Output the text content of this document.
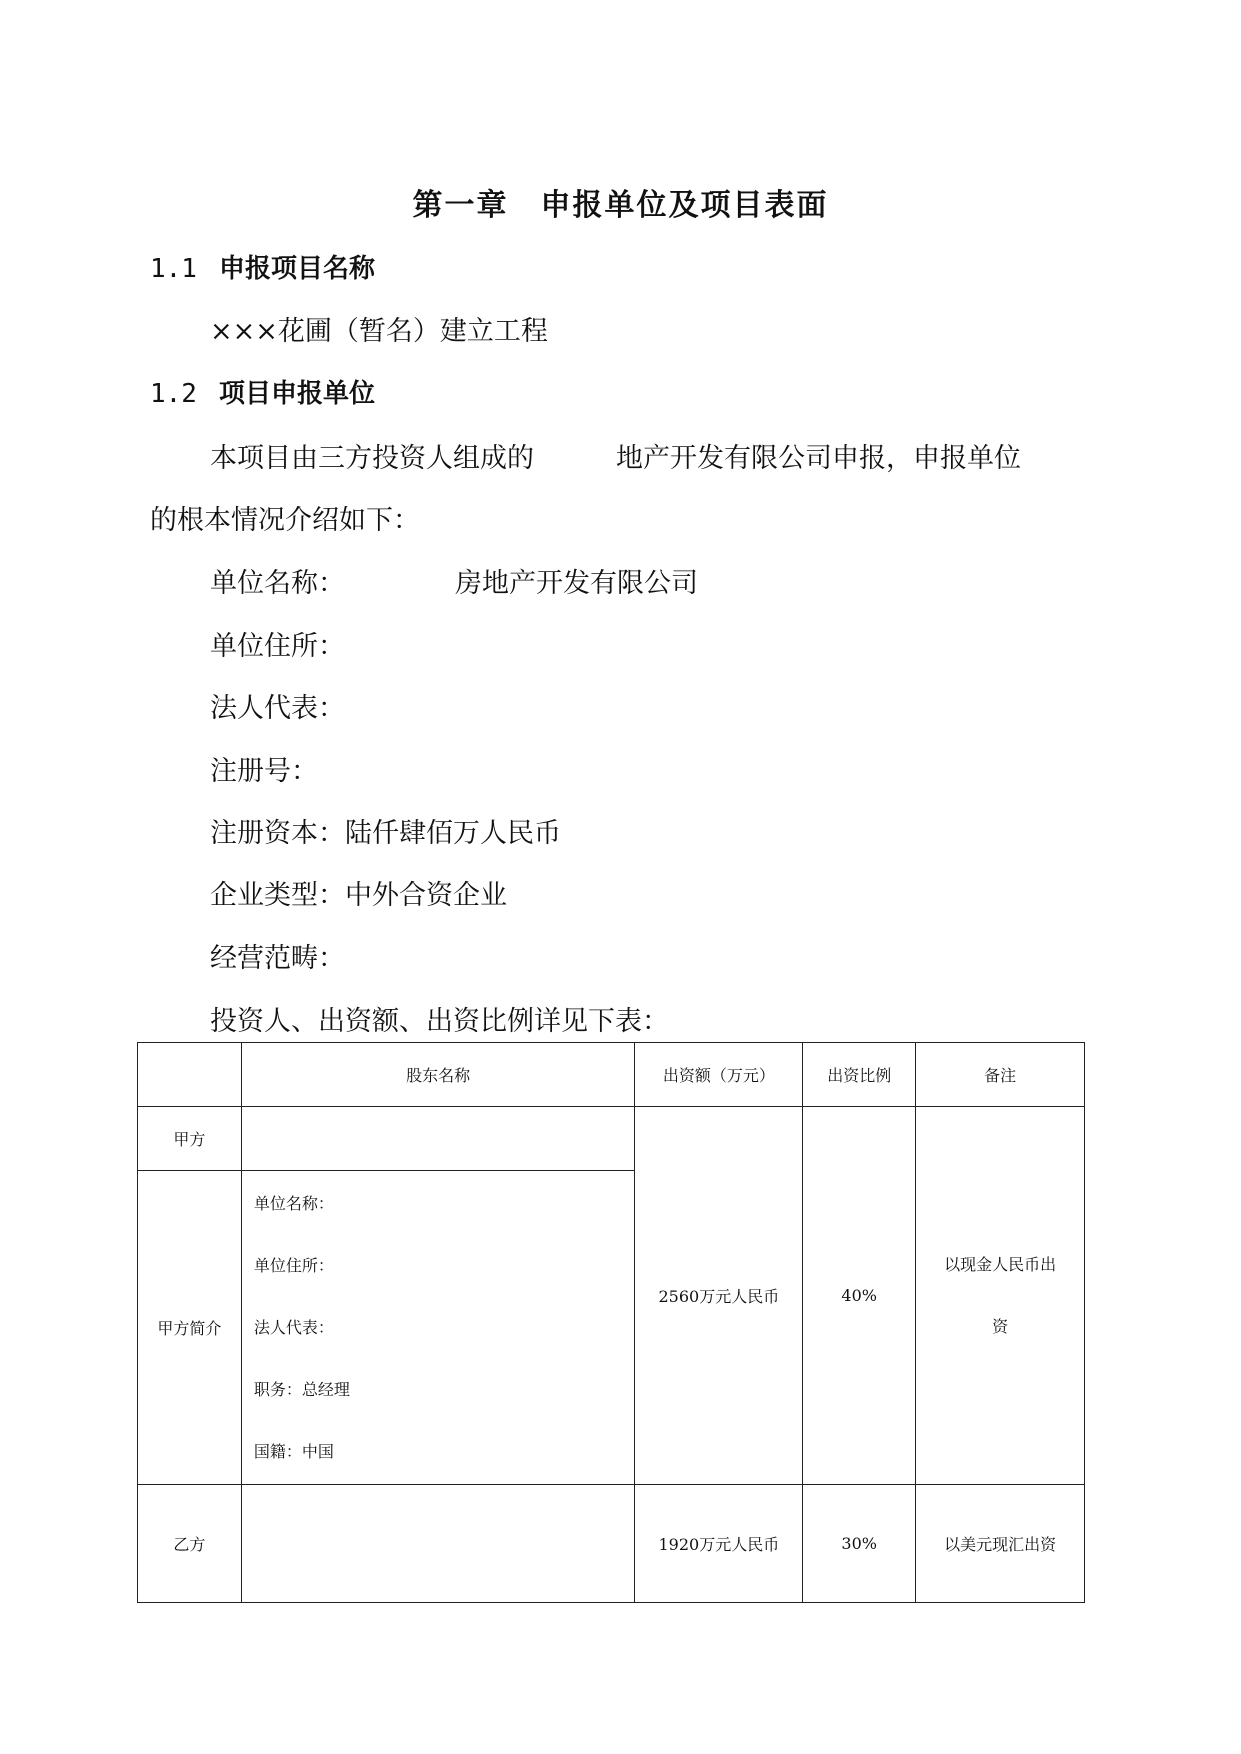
第一章　申报单位及项目表面
1.1 申报项目名称
×××花圃（暂名）建立工程
1.2 项目申报单位
本项目由三方投资人组成的	地产开发有限公司申报，申报单位
的根本情况介绍如下：
单位名称：	房地产开发有限公司
单位住所：
法人代表：
注册号：
注册资本：陆仟肆佰万人民币
企业类型：中外合资企业
经营范畴：
投资人、出资额、出资比例详见下表：
	股东名称	出资额（万元）	出资比例	备注
甲方		2560万元人民币	40%	以现金人民币出
资
甲方简介	单位名称：
单位住所：
法人代表：
职务：总经理
国籍：中国			

乙方		1920万元人民币	30%	以美元现汇出资
